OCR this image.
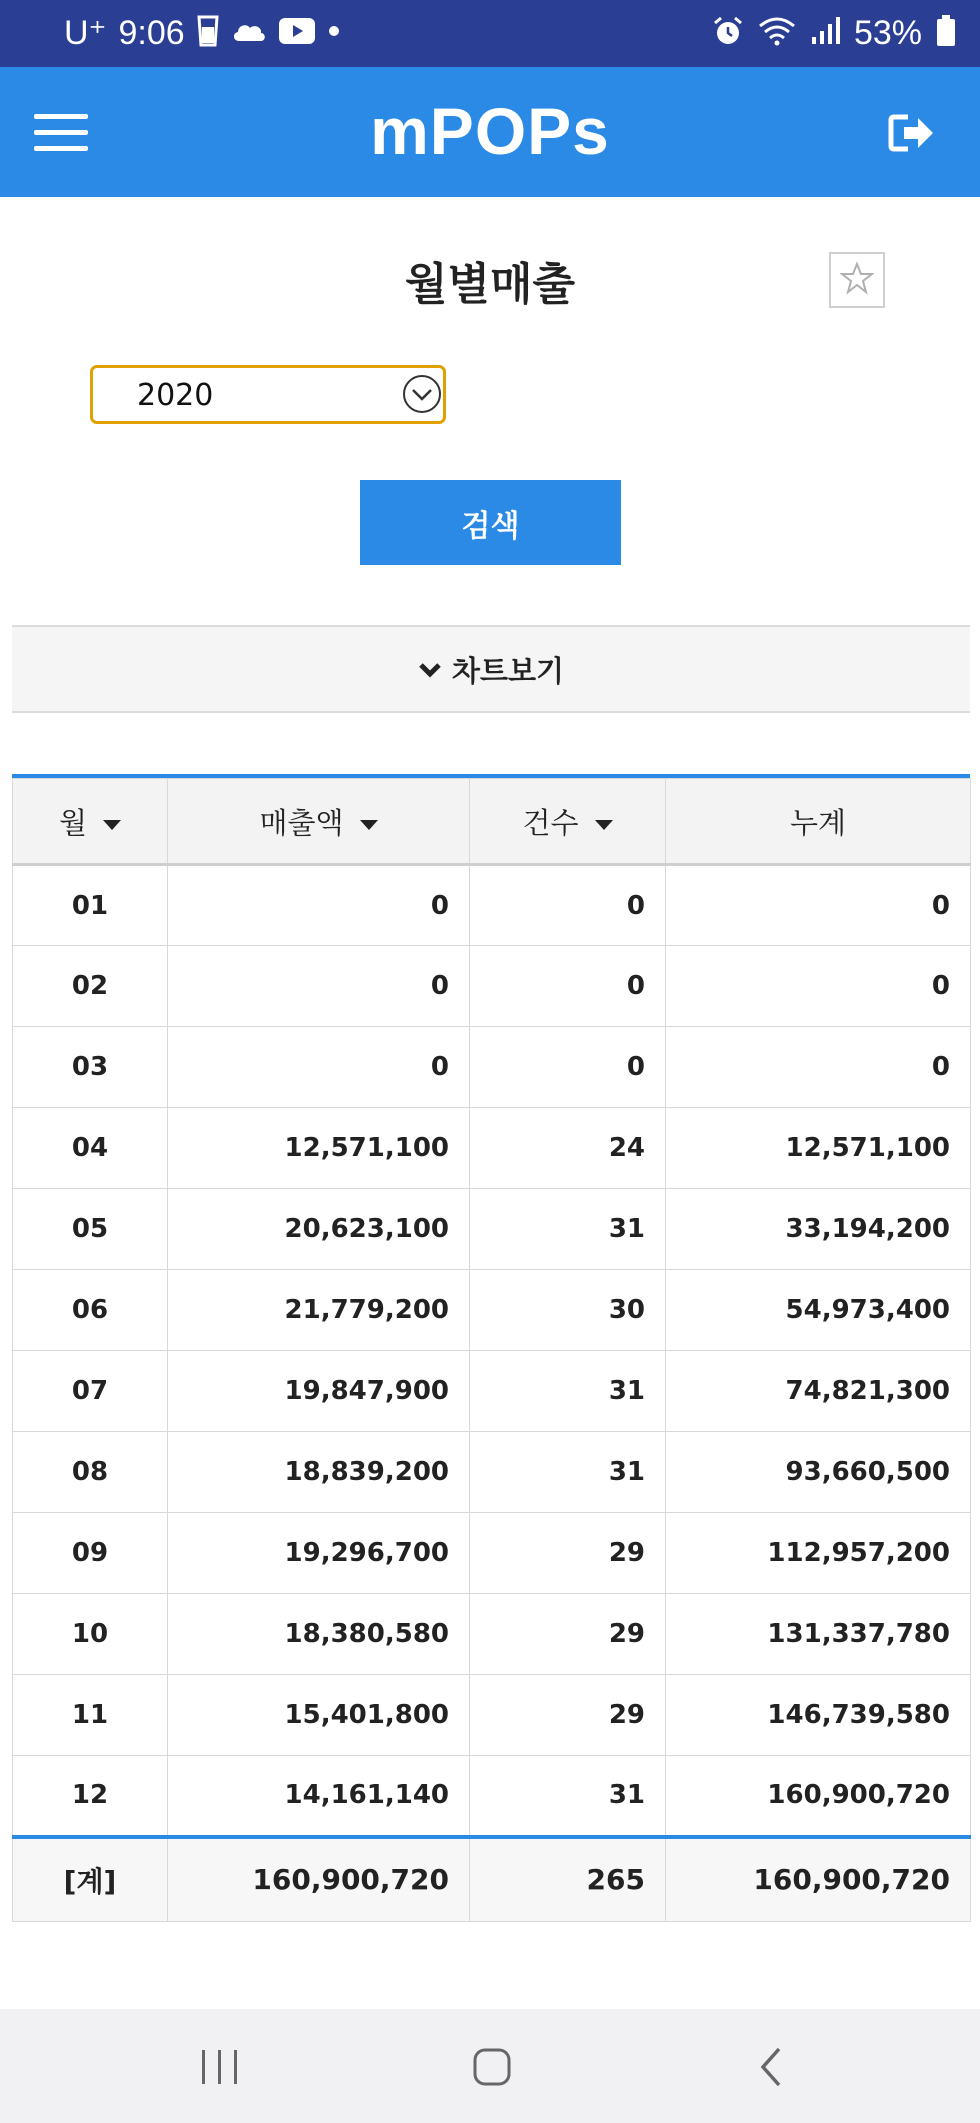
U⁺ 9:06	53%
mPOPs
월별매출
2020
검색
차트보기
월	매출액	건수	누계
01	0	0	0
02	0	0	0
03	0	0	0
04	12,571,100	24	12,571,100
05	20,623,100	31	33,194,200
06	21,779,200	30	54,973,400
07	19,847,900	31	74,821,300
08	18,839,200	31	93,660,500
09	19,296,700	29	112,957,200
10	18,380,580	29	131,337,780
11	15,401,800	29	146,739,580
12	14,161,140	31	160,900,720
[계]	160,900,720	265	160,900,720
